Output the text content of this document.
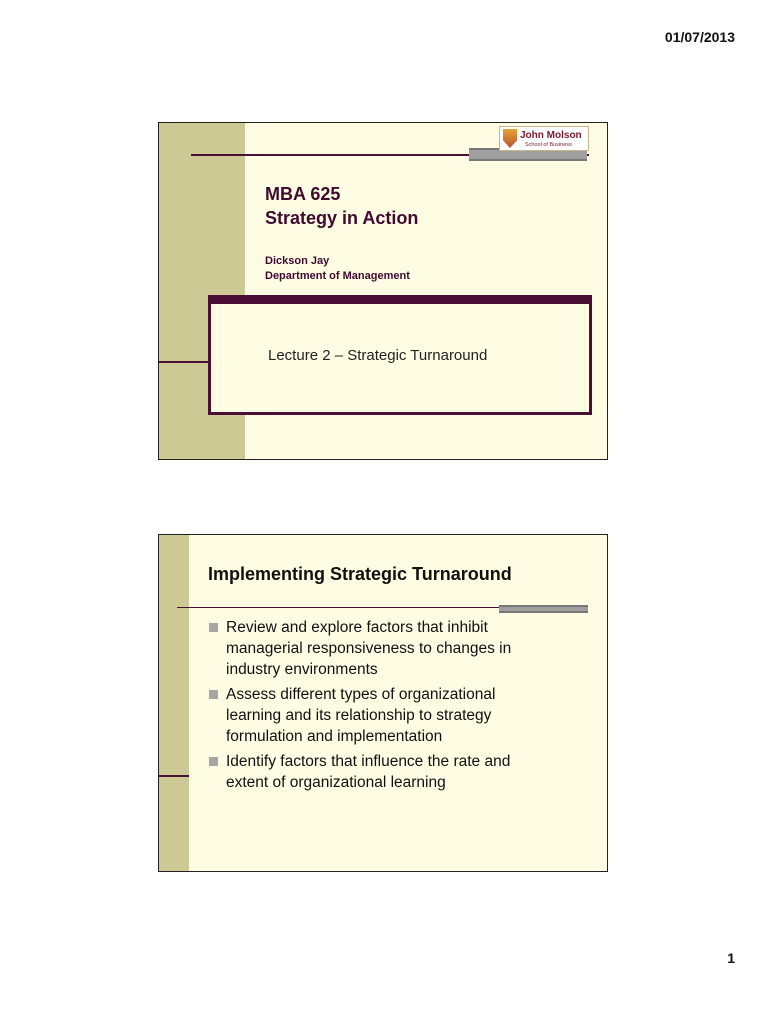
01/07/2013
John Molson
School of Business
MBA 625
Strategy in Action

Dickson Jay
Department of Management

Lecture 2 – Strategic Turnaround
Implementing Strategic Turnaround
Review and explore factors that inhibit
managerial responsiveness to changes in
industry environments
Assess different types of organizational
learning and its relationship to strategy
formulation and implementation
Identify factors that influence the rate and
extent of organizational learning
1
